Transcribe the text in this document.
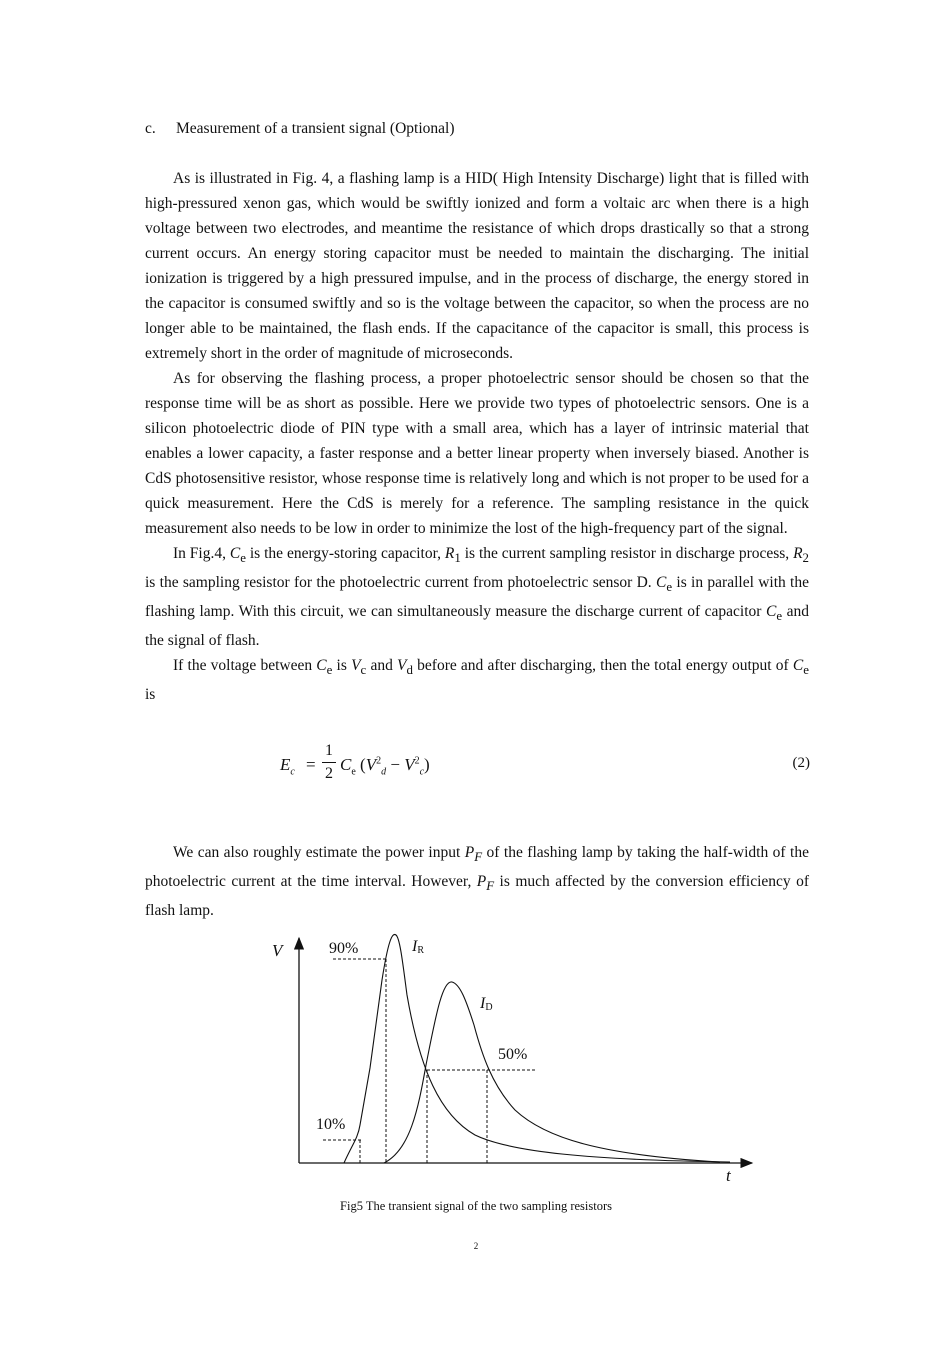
c. Measurement of a transient signal (Optional)

As is illustrated in Fig. 4, a flashing lamp is a HID( High Intensity Discharge) light that is filled with high-pressured xenon gas, which would be swiftly ionized and form a voltaic arc when there is a high voltage between two electrodes, and meantime the resistance of which drops drastically so that a strong current occurs. An energy storing capacitor must be needed to maintain the discharging. The initial ionization is triggered by a high pressured impulse, and in the process of discharge, the energy stored in the capacitor is consumed swiftly and so is the voltage between the capacitor, so when the process are no longer able to be maintained, the flash ends. If the capacitance of the capacitor is small, this process is extremely short in the order of magnitude of microseconds.

As for observing the flashing process, a proper photoelectric sensor should be chosen so that the response time will be as short as possible. Here we provide two types of photoelectric sensors. One is a silicon photoelectric diode of PIN type with a small area, which has a layer of intrinsic material that enables a lower capacity, a faster response and a better linear property when inversely biased. Another is CdS photosensitive resistor, whose response time is relatively long and which is not proper to be used for a quick measurement. Here the CdS is merely for a reference. The sampling resistance in the quick measurement also needs to be low in order to minimize the lost of the high-frequency part of the signal.

In Fig.4, $C_e$ is the energy-storing capacitor, $R_1$ is the current sampling resistor in discharge process, $R_2$ is the sampling resistor for the photoelectric current from photoelectric sensor D. $C_e$ is in parallel with the flashing lamp. With this circuit, we can simultaneously measure the discharge current of capacitor $C_e$ and the signal of flash.

If the voltage between $C_e$ is $V_c$ and $V_d$ before and after discharging, then the total energy output of $C_e$ is

$E_c$ =
1
2 $C_e$ $(V^2_d - V^2_c)$	(2)

We can also roughly estimate the power input $P_F$ of the flashing lamp by taking the half-width of the photoelectric current at the time interval. However, $P_F$ is much affected by the conversion efficiency of flash lamp.

V
t
90%
50%
10%
IR
ID
Fig5 The transient signal of the two sampling resistors
2
